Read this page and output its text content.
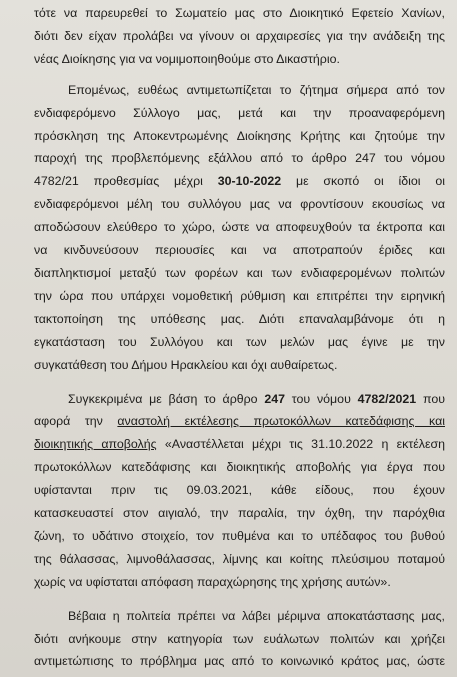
τότε να παρευρεθεί το Σωματείο μας στο Διοικητικό Εφετείο Χανίων,
διότι δεν είχαν προλάβει να γίνουν οι αρχαιρεσίες για την ανάδειξη της
νέας Διοίκησης για να νομιμοποιηθούμε στο Δικαστήριο.

Επομένως, ευθέως αντιμετωπίζεται το ζήτημα σήμερα από τον
ενδιαφερόμενο Σύλλογο μας, μετά και την προαναφερόμενη
πρόσκληση της Αποκεντρωμένης Διοίκησης Κρήτης και ζητούμε την
παροχή της προβλεπόμενης εξάλλου από το άρθρο 247 του νόμου
4782/21 προθεσμίας μέχρι 30-10-2022 με σκοπό οι ίδιοι οι
ενδιαφερόμενοι μέλη του συλλόγου μας να φροντίσουν εκουσίως να
αποδώσουν ελεύθερο το χώρο, ώστε να αποφευχθούν τα έκτροπα και
να κινδυνεύσουν περιουσίες και να αποτραπούν έριδες και
διαπληκτισμοί μεταξύ των φορέων και των ενδιαφερομένων πολιτών
την ώρα που υπάρχει νομοθετική ρύθμιση και επιτρέπει την ειρηνική
τακτοποίηση της υπόθεσης μας. Διότι επαναλαμβάνομε ότι η
εγκατάσταση του Συλλόγου και των μελών μας έγινε με την
συγκατάθεση του Δήμου Ηρακλείου και όχι αυθαίρετως.

Συγκεκριμένα με βάση το άρθρο 247 του νόμου 4782/2021 που
αφορά την αναστολή εκτέλεσης πρωτοκόλλων κατεδάφισης και
διοικητικής αποβολής «Αναστέλλεται μέχρι τις 31.10.2022 η εκτέλεση
πρωτοκόλλων κατεδάφισης και διοικητικής αποβολής για έργα που
υφίστανται πριν τις 09.03.2021, κάθε είδους, που έχουν
κατασκευαστεί στον αιγιαλό, την παραλία, την όχθη, την παρόχθια
ζώνη, το υδάτινο στοιχείο, τον πυθμένα και το υπέδαφος του βυθού
της θάλασσας, λιμνοθάλασσας, λίμνης και κοίτης πλεύσιμου ποταμού
χωρίς να υφίσταται απόφαση παραχώρησης της χρήσης αυτών».

Βέβαια η πολιτεία πρέπει να λάβει μέριμνα αποκατάστασης μας,
διότι ανήκουμε στην κατηγορία των ευάλωτων πολιτών και χρήζει
αντιμετώπισης το πρόβλημα μας από το κοινωνικό κράτος μας, ώστε
